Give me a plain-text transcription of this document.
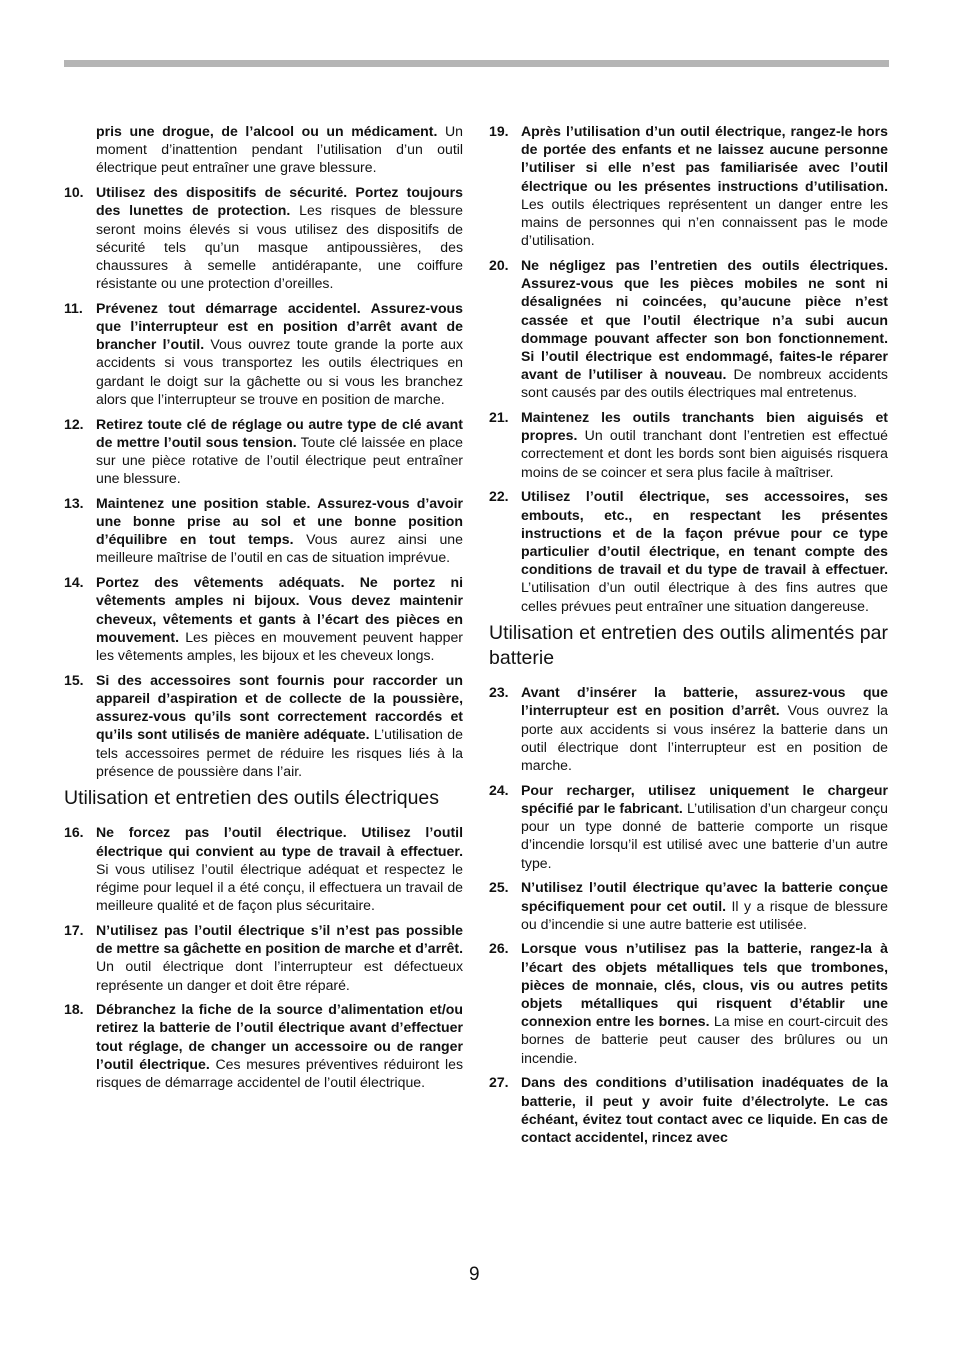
pris une drogue, de l’alcool ou un médicament. Un moment d’inattention pendant l’utilisation d’un outil électrique peut entraîner une grave blessure.
10. Utilisez des dispositifs de sécurité. Portez toujours des lunettes de protection. Les risques de blessure seront moins élevés si vous utilisez des dispositifs de sécurité tels qu’un masque antipoussières, des chaussures à semelle antidérapante, une coiffure résistante ou une protection d’oreilles.
11. Prévenez tout démarrage accidentel. Assurez-vous que l’interrupteur est en position d’arrêt avant de brancher l’outil. Vous ouvrez toute grande la porte aux accidents si vous transportez les outils électriques en gardant le doigt sur la gâchette ou si vous les branchez alors que l’interrupteur se trouve en position de marche.
12. Retirez toute clé de réglage ou autre type de clé avant de mettre l’outil sous tension. Toute clé laissée en place sur une pièce rotative de l’outil électrique peut entraîner une blessure.
13. Maintenez une position stable. Assurez-vous d’avoir une bonne prise au sol et une bonne position d’équilibre en tout temps. Vous aurez ainsi une meilleure maîtrise de l’outil en cas de situation imprévue.
14. Portez des vêtements adéquats. Ne portez ni vêtements amples ni bijoux. Vous devez maintenir cheveux, vêtements et gants à l’écart des pièces en mouvement. Les pièces en mouvement peuvent happer les vêtements amples, les bijoux et les cheveux longs.
15. Si des accessoires sont fournis pour raccorder un appareil d’aspiration et de collecte de la poussière, assurez-vous qu’ils sont correctement raccordés et qu’ils sont utilisés de manière adéquate. L’utilisation de tels accessoires permet de réduire les risques liés à la présence de poussière dans l’air.
Utilisation et entretien des outils électriques
16. Ne forcez pas l’outil électrique. Utilisez l’outil électrique qui convient au type de travail à effectuer. Si vous utilisez l’outil électrique adéquat et respectez le régime pour lequel il a été conçu, il effectuera un travail de meilleure qualité et de façon plus sécuritaire.
17. N’utilisez pas l’outil électrique s’il n’est pas possible de mettre sa gâchette en position de marche et d’arrêt. Un outil électrique dont l’interrupteur est défectueux représente un danger et doit être réparé.
18. Débranchez la fiche de la source d’alimentation et/ou retirez la batterie de l’outil électrique avant d’effectuer tout réglage, de changer un accessoire ou de ranger l’outil électrique. Ces mesures préventives réduiront les risques de démarrage accidentel de l’outil électrique.
19. Après l’utilisation d’un outil électrique, rangez-le hors de portée des enfants et ne laissez aucune personne l’utiliser si elle n’est pas familiarisée avec l’outil électrique ou les présentes instructions d’utilisation. Les outils électriques représentent un danger entre les mains de personnes qui n’en connaissent pas le mode d’utilisation.
20. Ne négligez pas l’entretien des outils électriques. Assurez-vous que les pièces mobiles ne sont ni désalignées ni coincées, qu’aucune pièce n’est cassée et que l’outil électrique n’a subi aucun dommage pouvant affecter son bon fonctionnement. Si l’outil électrique est endommagé, faites-le réparer avant de l’utiliser à nouveau. De nombreux accidents sont causés par des outils électriques mal entretenus.
21. Maintenez les outils tranchants bien aiguisés et propres. Un outil tranchant dont l’entretien est effectué correctement et dont les bords sont bien aiguisés risquera moins de se coincer et sera plus facile à maîtriser.
22. Utilisez l’outil électrique, ses accessoires, ses embouts, etc., en respectant les présentes instructions et de la façon prévue pour ce type particulier d’outil électrique, en tenant compte des conditions de travail et du type de travail à effectuer. L’utilisation d’un outil électrique à des fins autres que celles prévues peut entraîner une situation dangereuse.
Utilisation et entretien des outils alimentés par batterie
23. Avant d’insérer la batterie, assurez-vous que l’interrupteur est en position d’arrêt. Vous ouvrez la porte aux accidents si vous insérez la batterie dans un outil électrique dont l’interrupteur est en position de marche.
24. Pour recharger, utilisez uniquement le chargeur spécifié par le fabricant. L’utilisation d’un chargeur conçu pour un type donné de batterie comporte un risque d’incendie lorsqu’il est utilisé avec une batterie d’un autre type.
25. N’utilisez l’outil électrique qu’avec la batterie conçue spécifiquement pour cet outil. Il y a risque de blessure ou d’incendie si une autre batterie est utilisée.
26. Lorsque vous n’utilisez pas la batterie, rangez-la à l’écart des objets métalliques tels que trombones, pièces de monnaie, clés, clous, vis ou autres petits objets métalliques qui risquent d’établir une connexion entre les bornes. La mise en court-circuit des bornes de batterie peut causer des brûlures ou un incendie.
27. Dans des conditions d’utilisation inadéquates de la batterie, il peut y avoir fuite d’électrolyte. Le cas échéant, évitez tout contact avec ce liquide. En cas de contact accidentel, rincez avec
9
